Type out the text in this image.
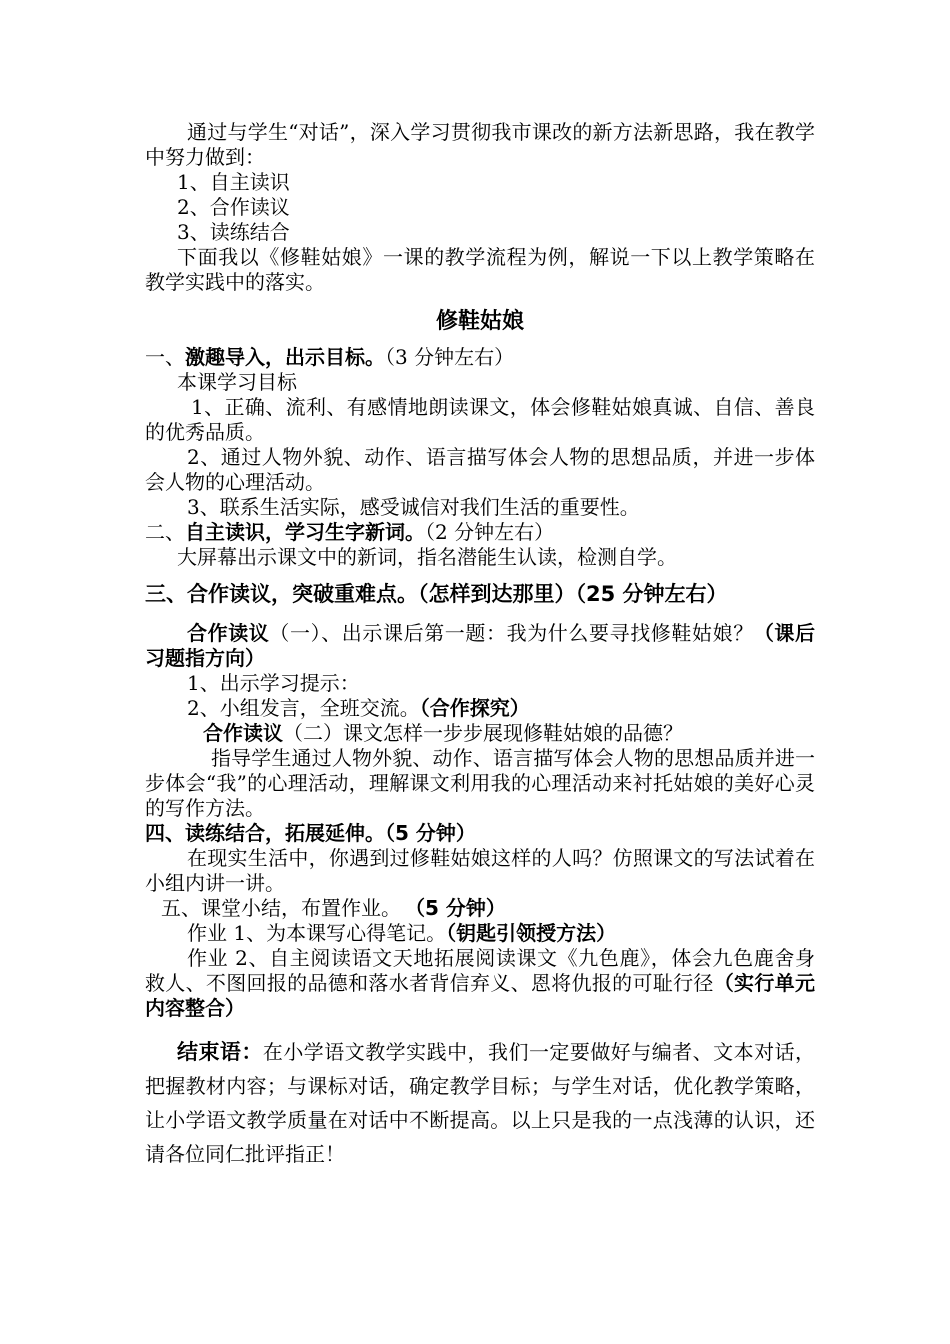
通过与学生“对话”，深入学习贯彻我市课改的新方法新思路，我在教学中努力做到：

1、自主读识

2、合作读议

3、读练结合

下面我以《修鞋姑娘》一课的教学流程为例，解说一下以上教学策略在教学实践中的落实。

修鞋姑娘

一、激趣导入，出示目标。（3 分钟左右）

本课学习目标

1、正确、流利、有感情地朗读课文，体会修鞋姑娘真诚、自信、善良的优秀品质。

2、通过人物外貌、动作、语言描写体会人物的思想品质，并进一步体会人物的心理活动。

3、联系生活实际，感受诚信对我们生活的重要性。

二、自主读识，学习生字新词。（2 分钟左右）

大屏幕出示课文中的新词，指名潜能生认读，检测自学。

三、合作读议，突破重难点。（怎样到达那里）（25 分钟左右）

合作读议（一）、出示课后第一题：我为什么要寻找修鞋姑娘？（课后习题指方向）

1、出示学习提示：

2、小组发言，全班交流。（合作探究）

合作读议（二）课文怎样一步步展现修鞋姑娘的品德？

指导学生通过人物外貌、动作、语言描写体会人物的思想品质并进一步体会“我”的心理活动，理解课文利用我的心理活动来衬托姑娘的美好心灵的写作方法。

四、读练结合，拓展延伸。（5 分钟）

在现实生活中，你遇到过修鞋姑娘这样的人吗？仿照课文的写法试着在小组内讲一讲。

五、课堂小结，布置作业。 （5 分钟）

作业 1、为本课写心得笔记。（钥匙引领授方法）

作业 2、自主阅读语文天地拓展阅读课文《九色鹿》，体会九色鹿舍身救人、不图回报的品德和落水者背信弃义、恩将仇报的可耻行径（实行单元内容整合）

结束语：在小学语文教学实践中，我们一定要做好与编者、文本对话，把握教材内容；与课标对话，确定教学目标；与学生对话，优化教学策略，让小学语文教学质量在对话中不断提高。以上只是我的一点浅薄的认识，还请各位同仁批评指正！
